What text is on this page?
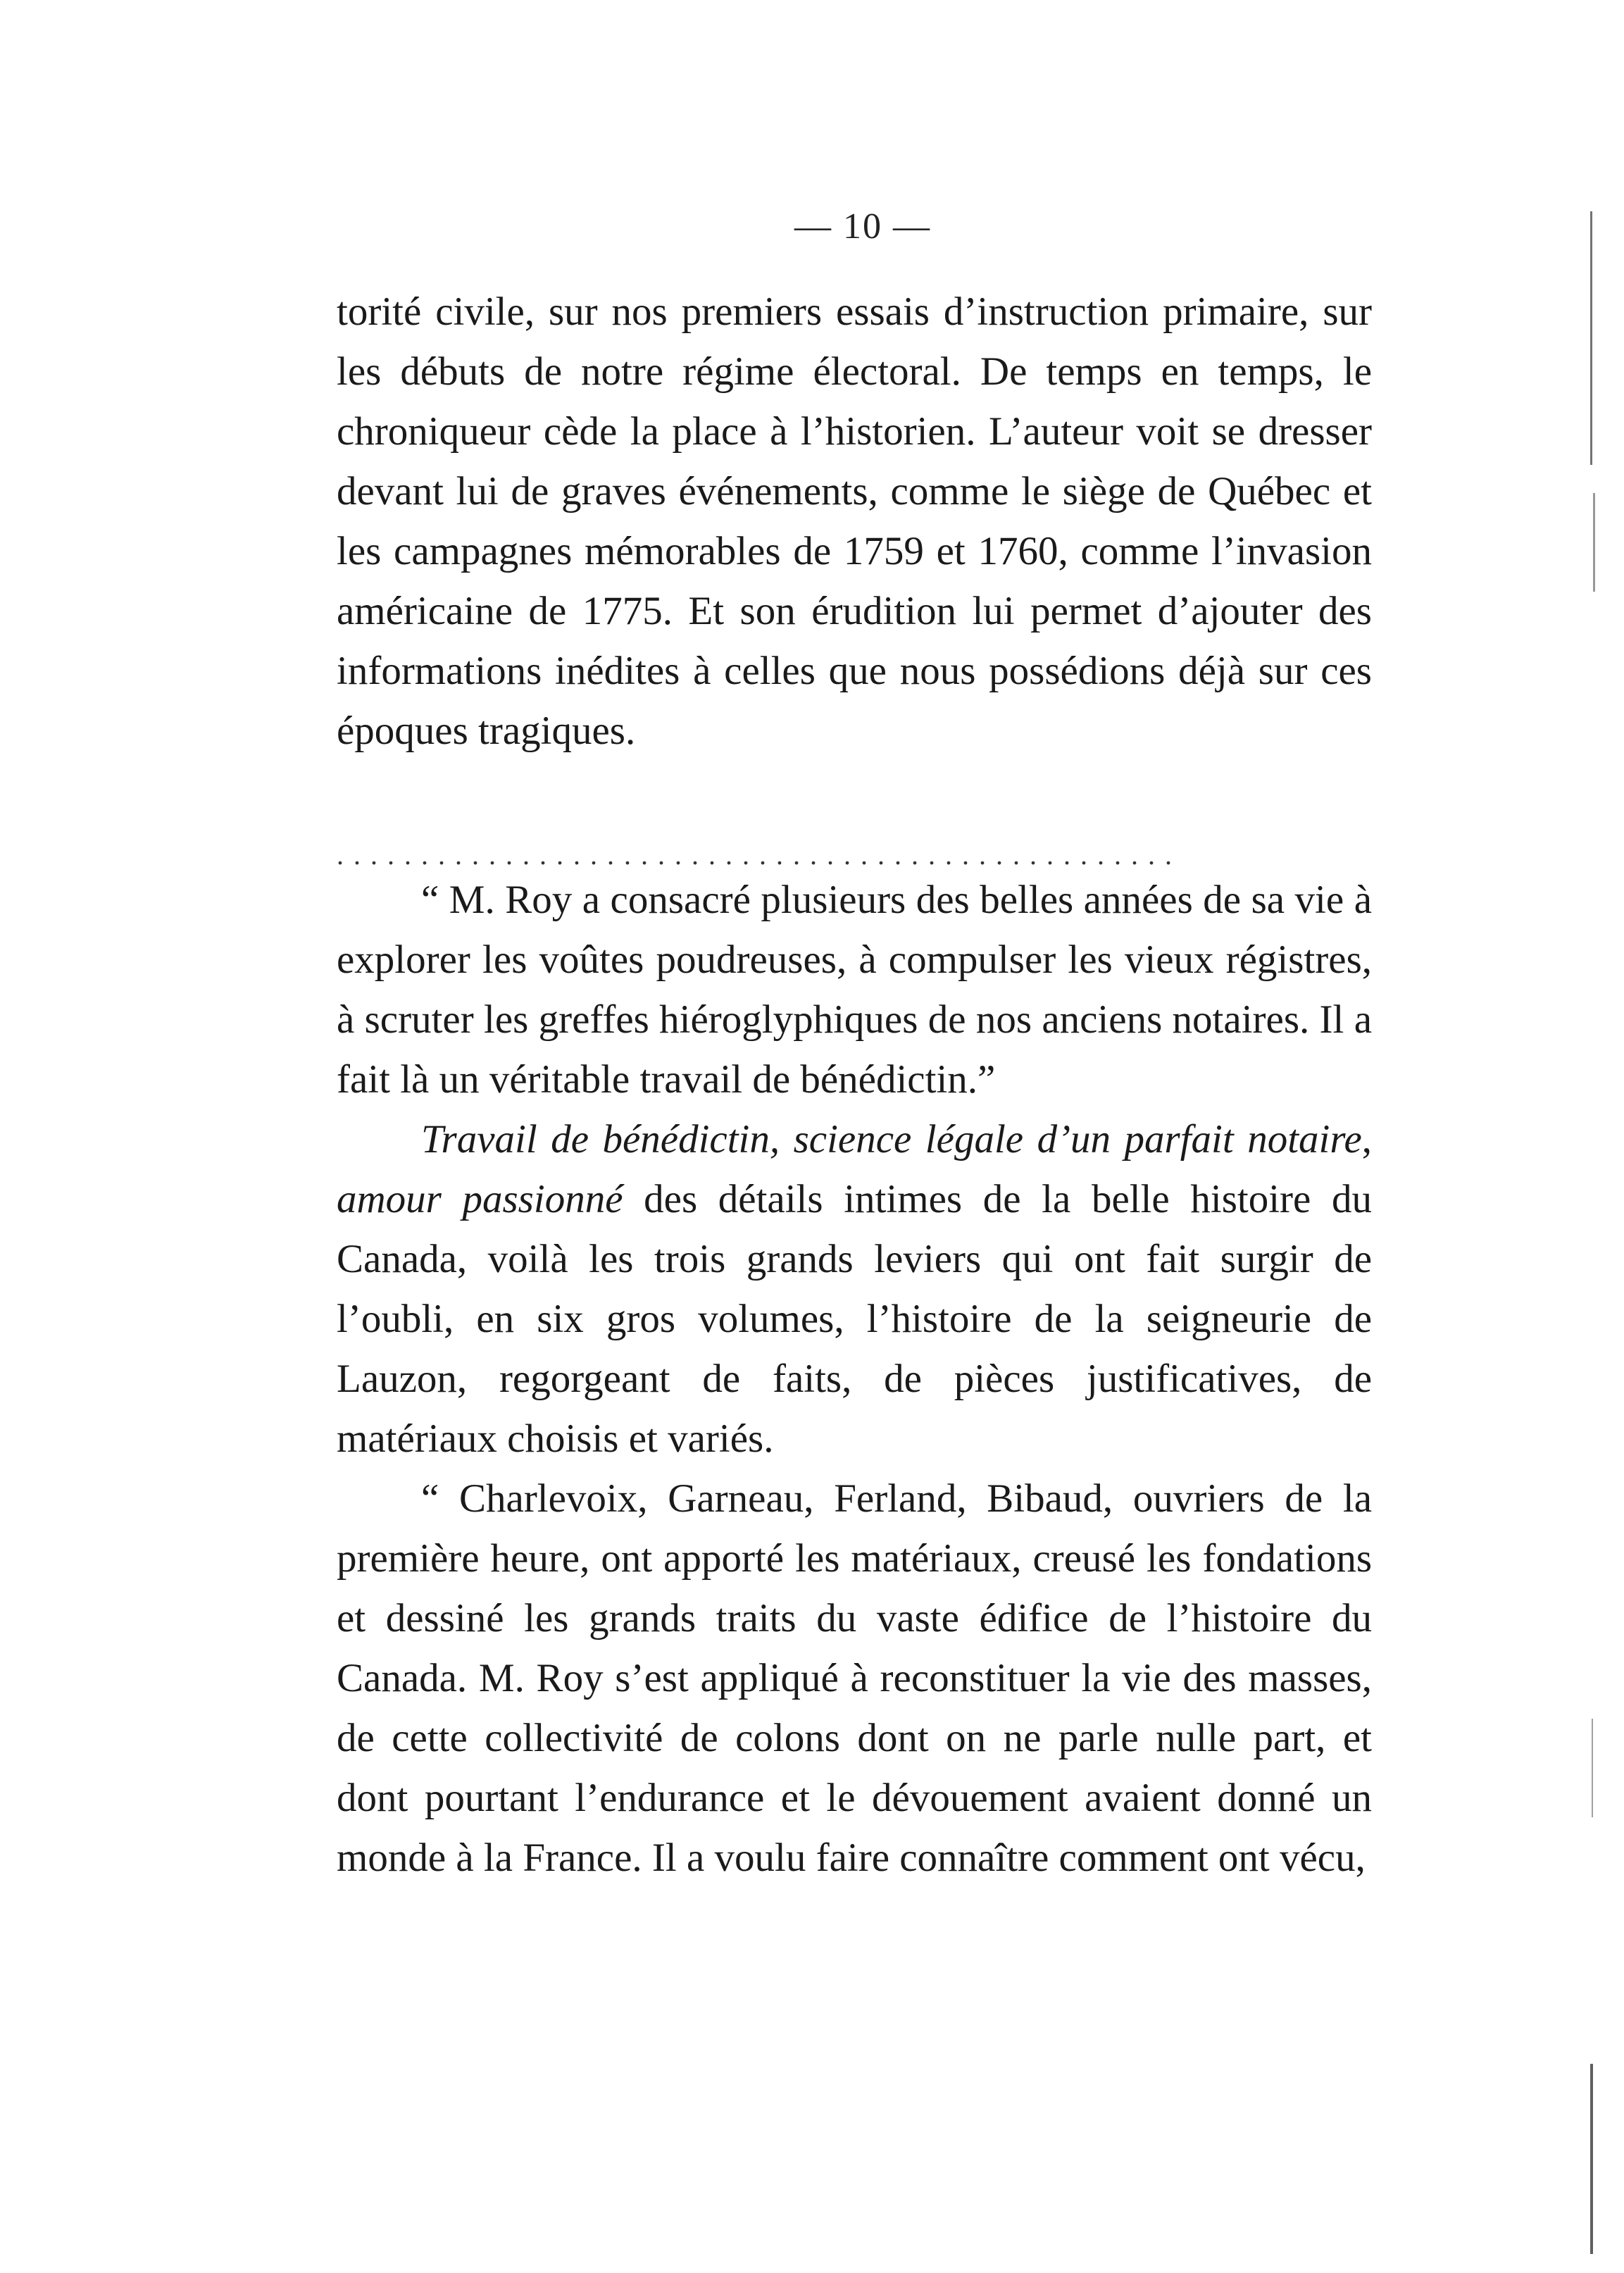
— 10 —

torité civile, sur nos premiers essais d’instruction primaire, sur les débuts de notre régime électoral. De temps en temps, le chroniqueur cède la place à l’historien. L’auteur voit se dresser devant lui de graves événements, comme le siège de Québec et les campagnes mémorables de 1759 et 1760, comme l’invasion américaine de 1775. Et son érudition lui permet d’ajouter des informations inédites à celles que nous possédions déjà sur ces époques tragiques.

..................................................

“ M. Roy a consacré plusieurs des belles années de sa vie à explorer les voûtes poudreuses, à compulser les vieux régistres, à scruter les greffes hiéroglyphiques de nos anciens notaires. Il a fait là un véritable travail de bénédictin.”

Travail de bénédictin, science légale d’un parfait notaire, amour passionné des détails intimes de la belle histoire du Canada, voilà les trois grands leviers qui ont fait surgir de l’oubli, en six gros volumes, l’histoire de la seigneurie de Lauzon, regorgeant de faits, de pièces justificatives, de matériaux choisis et variés.

“ Charlevoix, Garneau, Ferland, Bibaud, ouvriers de la première heure, ont apporté les matériaux, creusé les fondations et dessiné les grands traits du vaste édifice de l’histoire du Canada. M. Roy s’est appliqué à reconstituer la vie des masses, de cette collectivité de colons dont on ne parle nulle part, et dont pourtant l’endurance et le dévouement avaient donné un monde à la France. Il a voulu faire connaître comment ont vécu,
